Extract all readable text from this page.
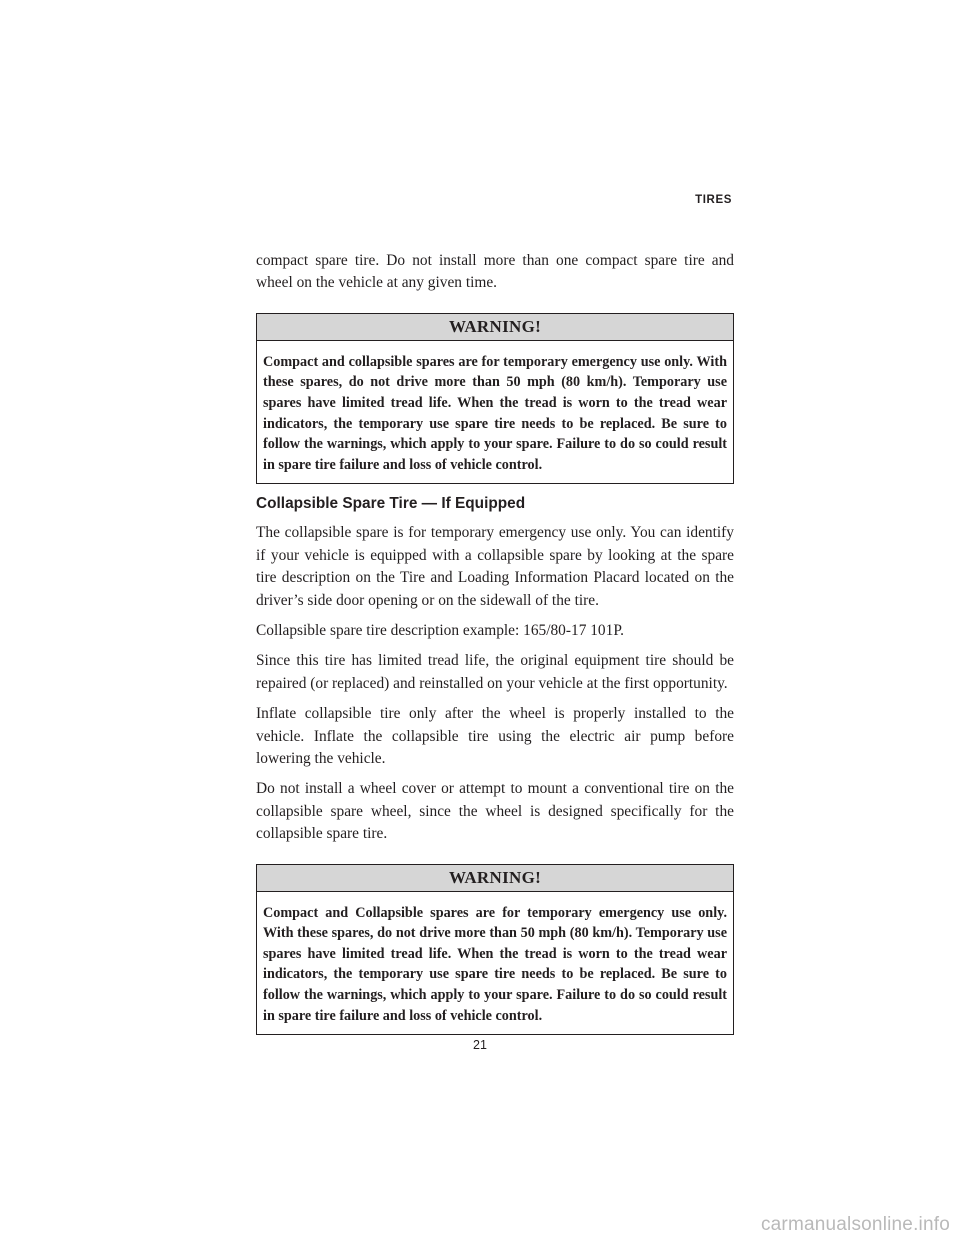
TIRES

compact spare tire. Do not install more than one compact spare tire and wheel on the vehicle at any given time.

WARNING!

Compact and collapsible spares are for temporary emergency use only. With these spares, do not drive more than 50 mph (80 km/h). Temporary use spares have limited tread life. When the tread is worn to the tread wear indicators, the temporary use spare tire needs to be replaced. Be sure to follow the warnings, which apply to your spare. Failure to do so could result in spare tire failure and loss of vehicle control.

Collapsible Spare Tire — If Equipped

The collapsible spare is for temporary emergency use only. You can identify if your vehicle is equipped with a collapsible spare by looking at the spare tire description on the Tire and Loading Information Placard located on the driver’s side door opening or on the sidewall of the tire.

Collapsible spare tire description example: 165/80-17 101P.

Since this tire has limited tread life, the original equipment tire should be repaired (or replaced) and reinstalled on your vehicle at the first opportunity.

Inflate collapsible tire only after the wheel is properly installed to the vehicle. Inflate the collapsible tire using the electric air pump before lowering the vehicle.

Do not install a wheel cover or attempt to mount a conventional tire on the collapsible spare wheel, since the wheel is designed specifically for the collapsible spare tire.

WARNING!

Compact and Collapsible spares are for temporary emergency use only. With these spares, do not drive more than 50 mph (80 km/h). Temporary use spares have limited tread life. When the tread is worn to the tread wear indicators, the temporary use spare tire needs to be replaced. Be sure to follow the warnings, which apply to your spare. Failure to do so could result in spare tire failure and loss of vehicle control.

21
carmanualsonline.info
